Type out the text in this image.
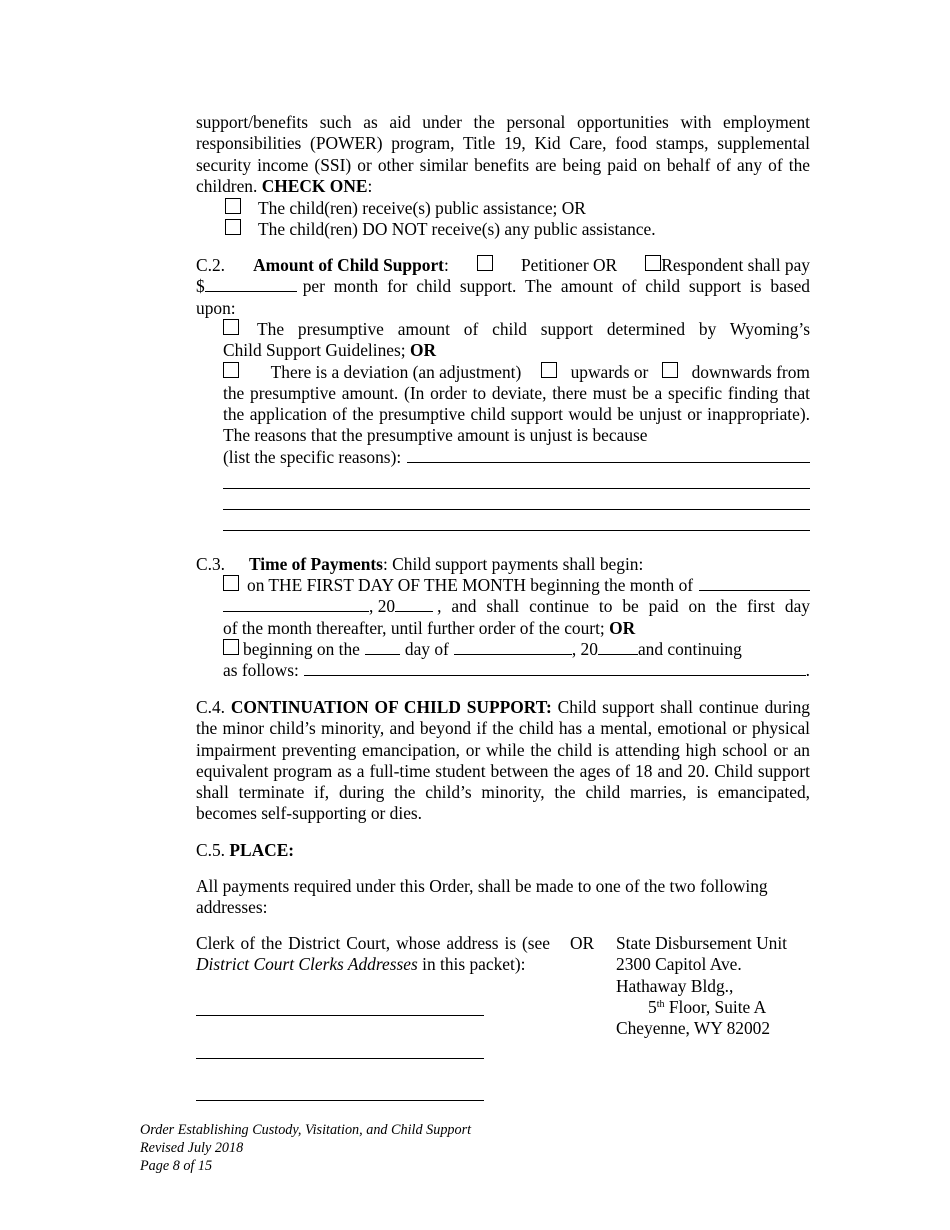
support/benefits such as aid under the personal opportunities with employment responsibilities (POWER) program, Title 19, Kid Care, food stamps, supplemental security income (SSI) or other similar benefits are being paid on behalf of any of the children. CHECK ONE:
The child(ren) receive(s) public assistance; OR
The child(ren) DO NOT receive(s) any public assistance.
C.2. Amount of Child Support:	Petitioner OR	Respondent shall pay
$	per month for child support. The amount of child support is based
upon:
The presumptive amount of child support determined by Wyoming’s
Child Support Guidelines;
OR
There is a deviation (an adjustment)	upwards or downwards from
the presumptive amount. (In order to deviate, there must be a specific finding that the application of the presumptive child support would be unjust or inappropriate). The reasons that the presumptive amount is unjust is because
(list the specific reasons):
C.3. Time of Payments : Child support payments shall begin:
on THE FIRST DAY OF THE MONTH beginning the month of
, 20 , and shall continue to be paid on the first day
of the month thereafter, until further order of the court;
OR
beginning on the	day of	, 20 and continuing
as follows:	.
C.4. CONTINUATION OF CHILD SUPPORT: Child support shall continue during the minor child’s minority, and beyond if the child has a mental, emotional or physical impairment preventing emancipation, or while the child is attending high school or an equivalent program as a full-time student between the ages of 18 and 20. Child support shall terminate if, during the child’s minority, the child marries, is emancipated, becomes self-supporting or dies.
C.5. PLACE:
All payments required under this Order, shall be made to one of the two following addresses:
Clerk of the District Court, whose address is (see District Court Clerks Addresses in this packet):
OR State Disbursement Unit
2300 Capitol Ave.
Hathaway Bldg.,
5th Floor, Suite A
Cheyenne, WY 82002
Order Establishing Custody, Visitation, and Child Support
Revised July 2018
Page 8 of 15
